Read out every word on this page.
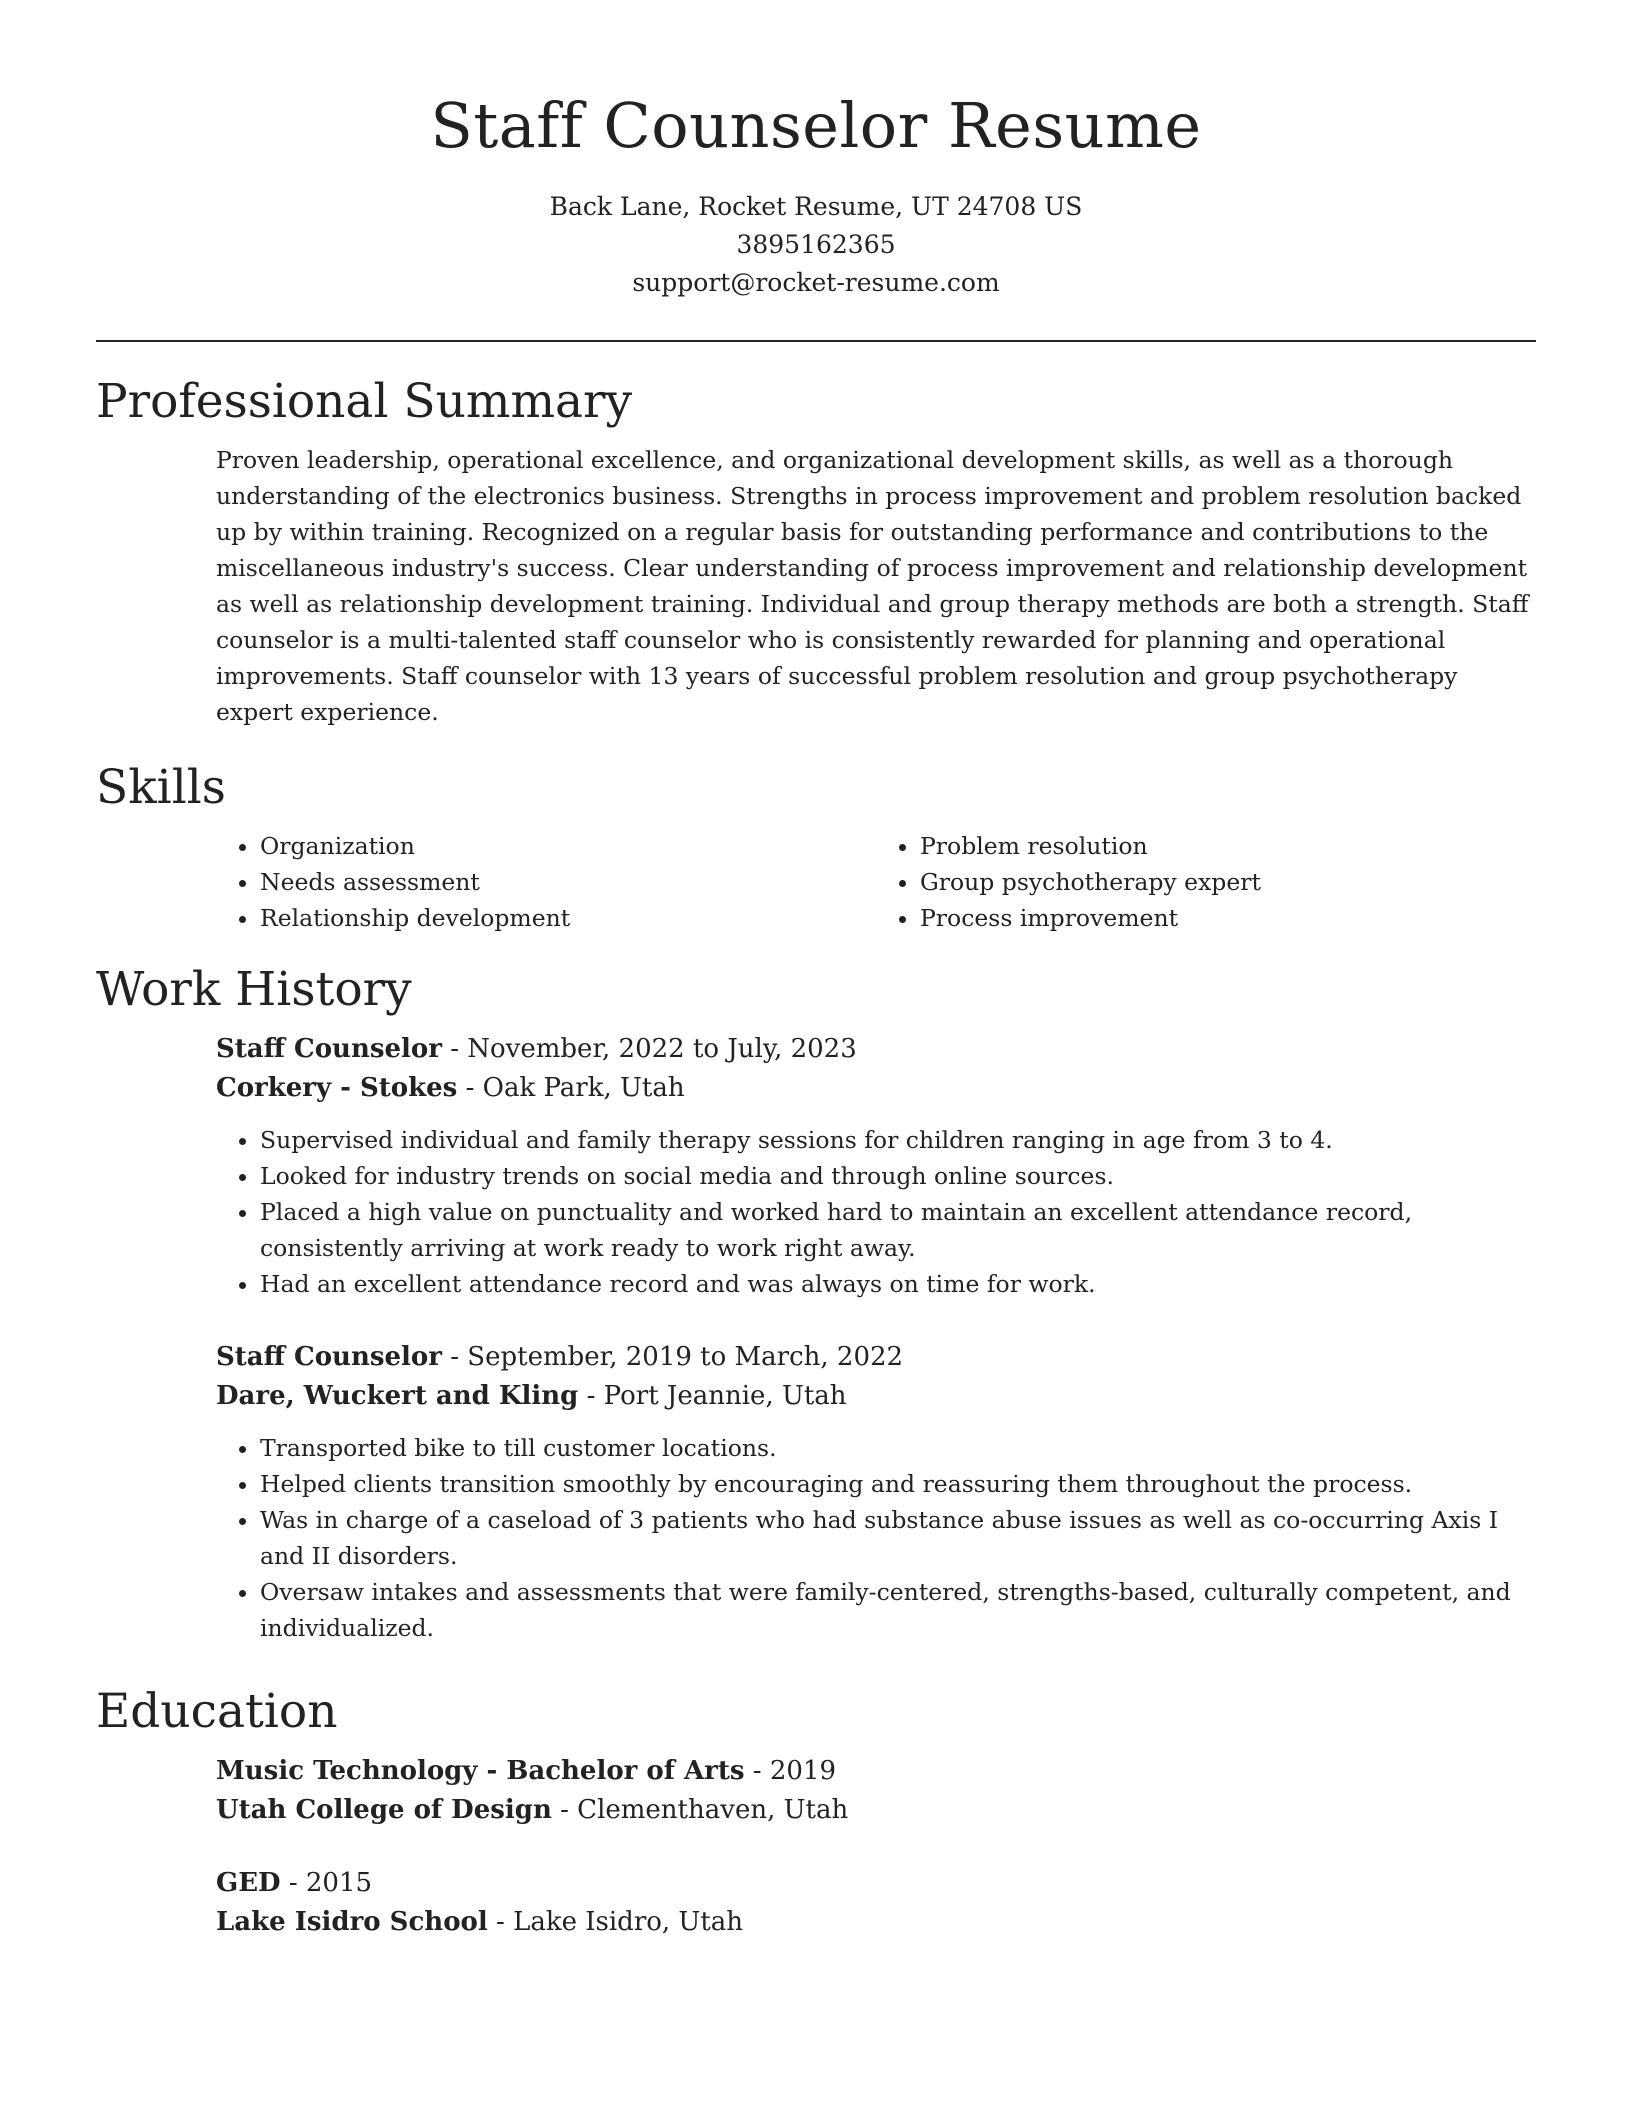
Staff Counselor Resume

Back Lane, Rocket Resume, UT 24708 US

3895162365

support@rocket-resume.com

Professional Summary

Proven leadership, operational excellence, and organizational development skills, as well as a thorough understanding of the electronics business. Strengths in process improvement and problem resolution backed up by within training. Recognized on a regular basis for outstanding performance and contributions to the miscellaneous industry's success. Clear understanding of process improvement and relationship development as well as relationship development training. Individual and group therapy methods are both a strength. Staff counselor is a multi-talented staff counselor who is consistently rewarded for planning and operational improvements. Staff counselor with 13 years of successful problem resolution and group psychotherapy expert experience.

Skills
• Organization
• Needs assessment
• Relationship development
• Problem resolution
• Group psychotherapy expert
• Process improvement
Work History
Staff Counselor - November, 2022 to July, 2023
Corkery - Stokes - Oak Park, Utah
• Supervised individual and family therapy sessions for children ranging in age from 3 to 4.
• Looked for industry trends on social media and through online sources.
• Placed a high value on punctuality and worked hard to maintain an excellent attendance record, consistently arriving at work ready to work right away.
• Had an excellent attendance record and was always on time for work.
Staff Counselor - September, 2019 to March, 2022
Dare, Wuckert and Kling - Port Jeannie, Utah
• Transported bike to till customer locations.
• Helped clients transition smoothly by encouraging and reassuring them throughout the process.
• Was in charge of a caseload of 3 patients who had substance abuse issues as well as co-occurring Axis I and II disorders.
• Oversaw intakes and assessments that were family-centered, strengths-based, culturally competent, and individualized.
Education
Music Technology - Bachelor of Arts - 2019
Utah College of Design - Clementhaven, Utah
GED - 2015
Lake Isidro School - Lake Isidro, Utah
